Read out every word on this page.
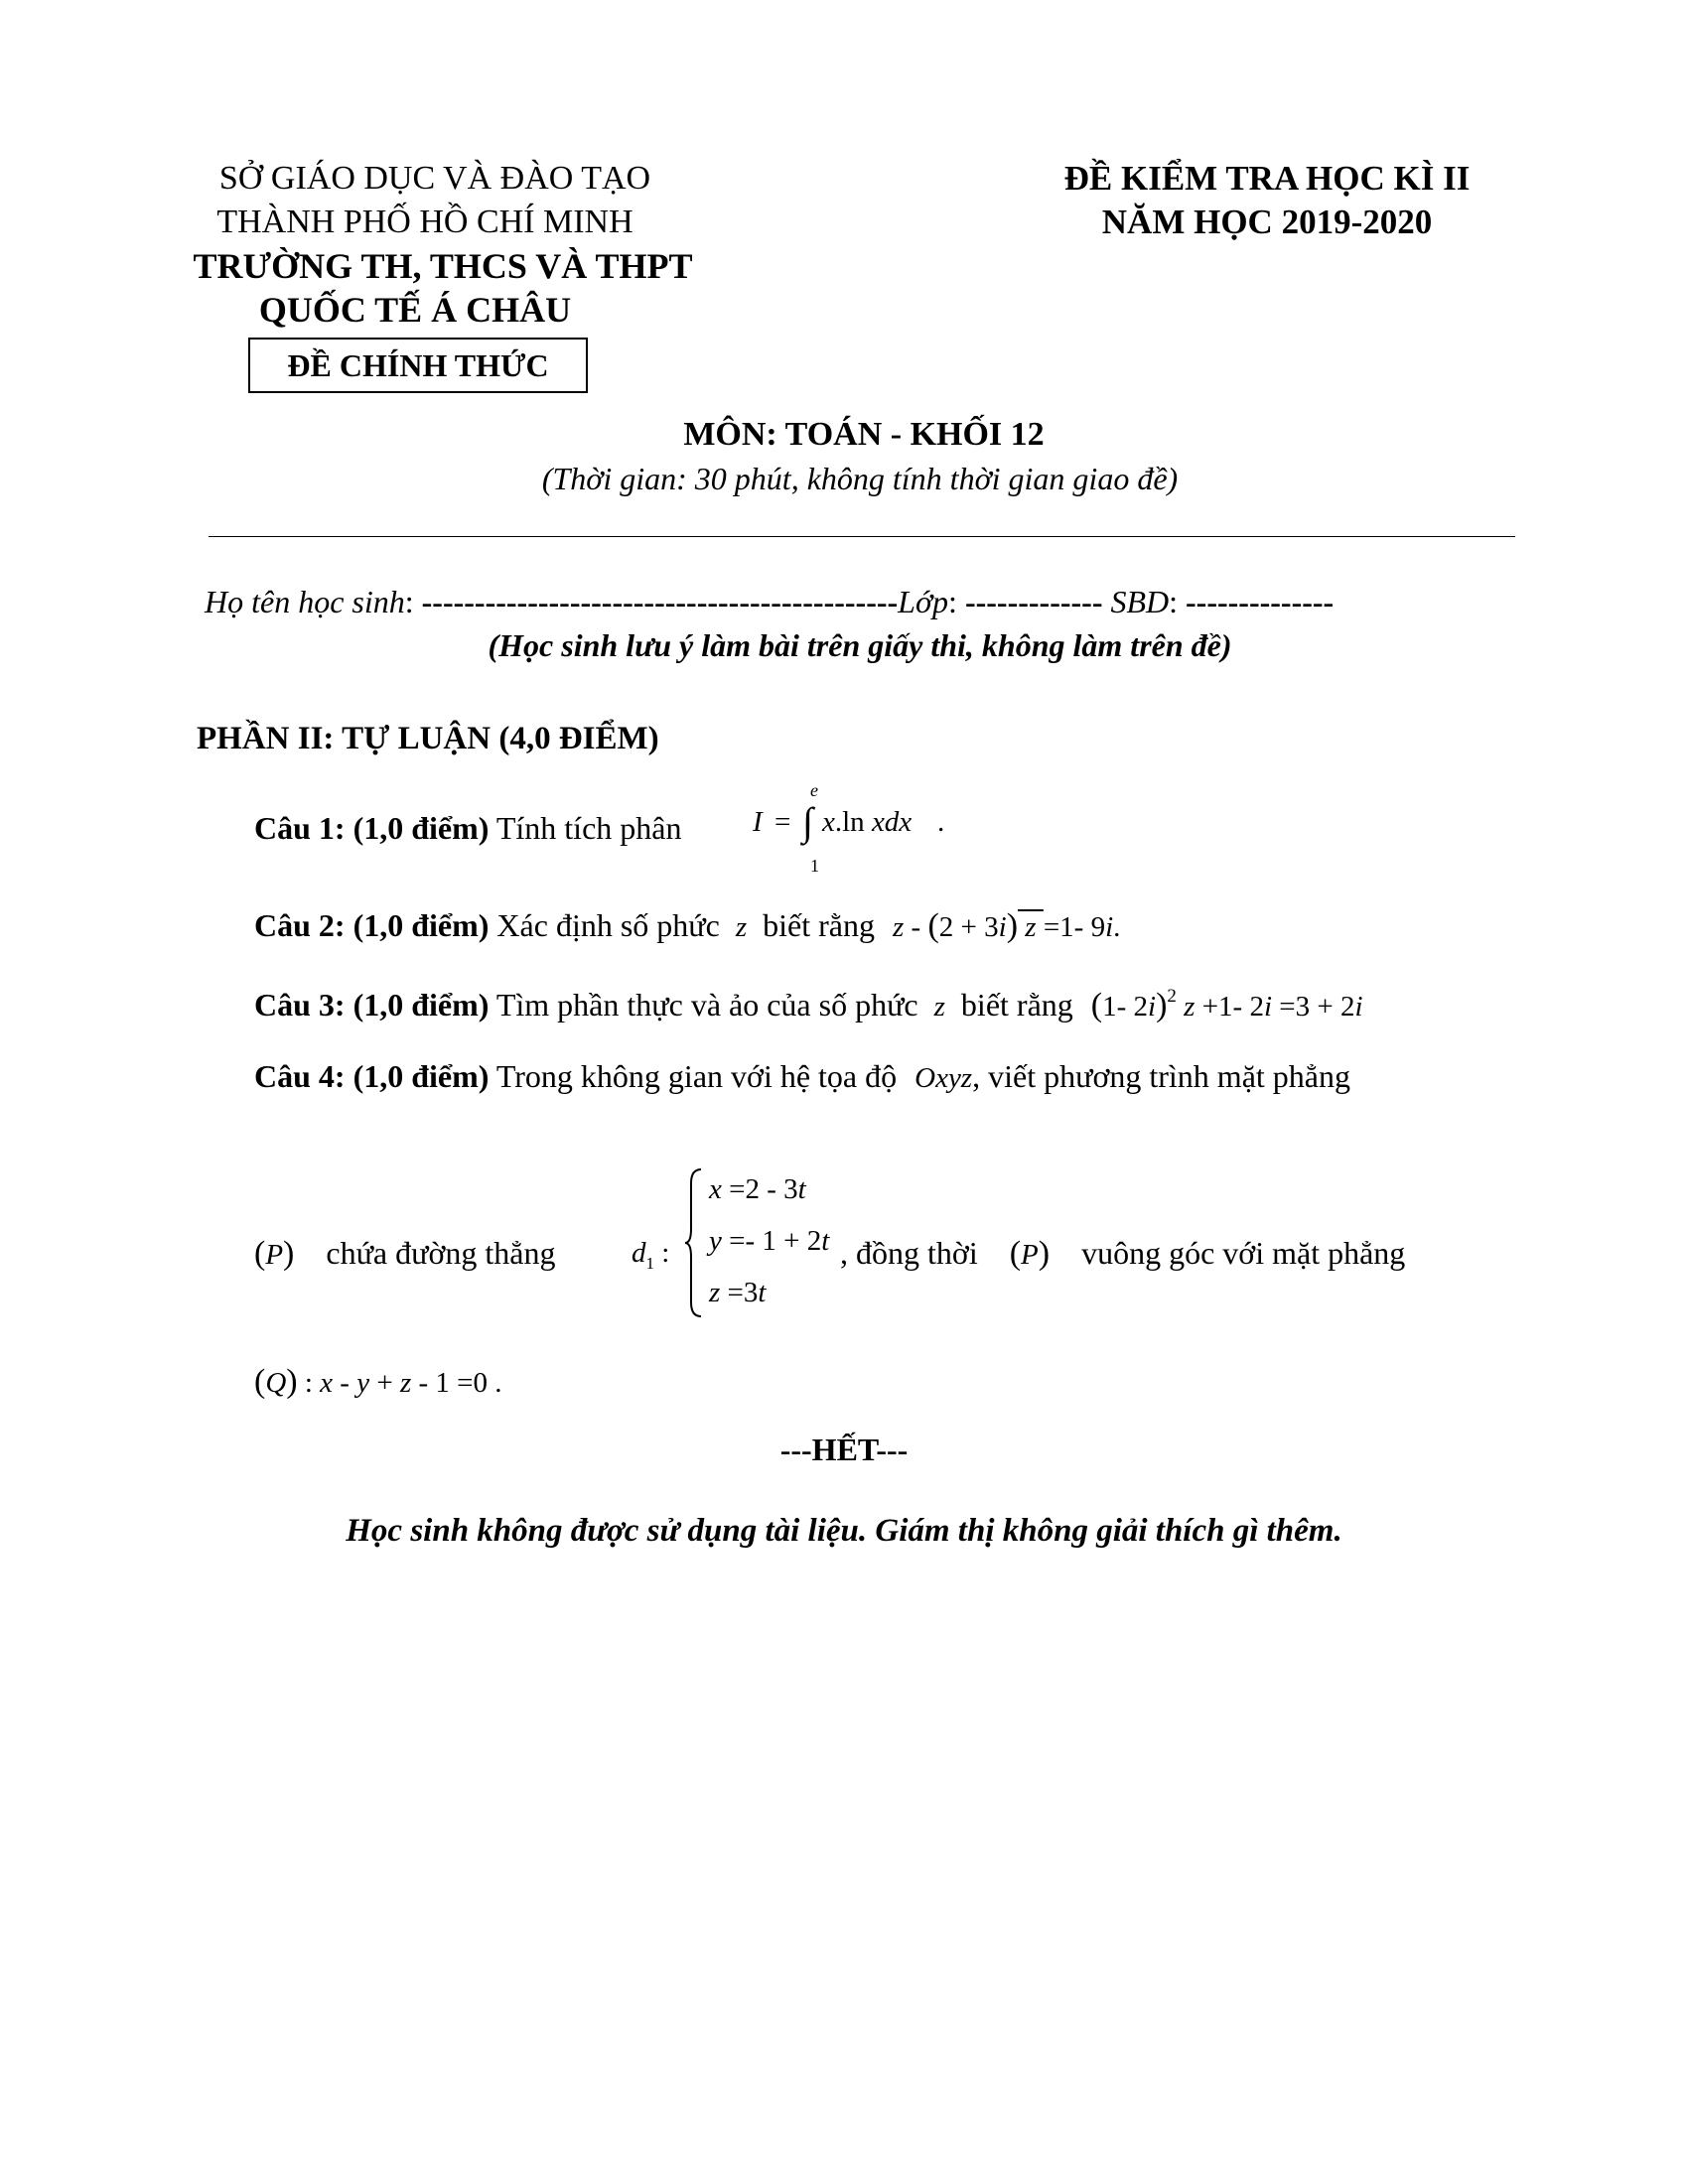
SỞ GIÁO DỤC VÀ ĐÀO TẠO
THÀNH PHỐ HỒ CHÍ MINH
TRƯỜNG TH, THCS VÀ THPT
QUỐC TẾ Á CHÂU
ĐỀ CHÍNH THỨC
ĐỀ KIỂM TRA HỌC KÌ II
NĂM HỌC 2019-2020
MÔN: TOÁN - KHỐI 12
(Thời gian: 30 phút, không tính thời gian giao đề)
Họ tên học sinh: ---------------------------------------------Lớp: ------------- SBD: --------------
(Học sinh lưu ý làm bài trên giấy thi, không làm trên đề)
PHẦN II: TỰ LUẬN (4,0 ĐIỂM)
Câu 1: (1,0 điểm) Tính tích phân I = ∫
e
1
x.ln xdx .
Câu 2: (1,0 điểm) Xác định số phức z biết rằng z - (2 + 3i) z =1- 9i.
Câu 3: (1,0 điểm) Tìm phần thực và ảo của số phức z biết rằng (1- 2i)$^2$ z +1- 2i =3 + 2i
Câu 4: (1,0 điểm) Trong không gian với hệ tọa độ Oxyz, viết phương trình mặt phẳng
(P) chứa đường thẳng	d1 :
x =2 - 3t
y =- 1 + 2t
z =3t
, đồng thời (P) vuông góc với mặt phẳng
(Q) : x - y + z - 1 =0 .
---HẾT---
Học sinh không được sử dụng tài liệu. Giám thị không giải thích gì thêm.
